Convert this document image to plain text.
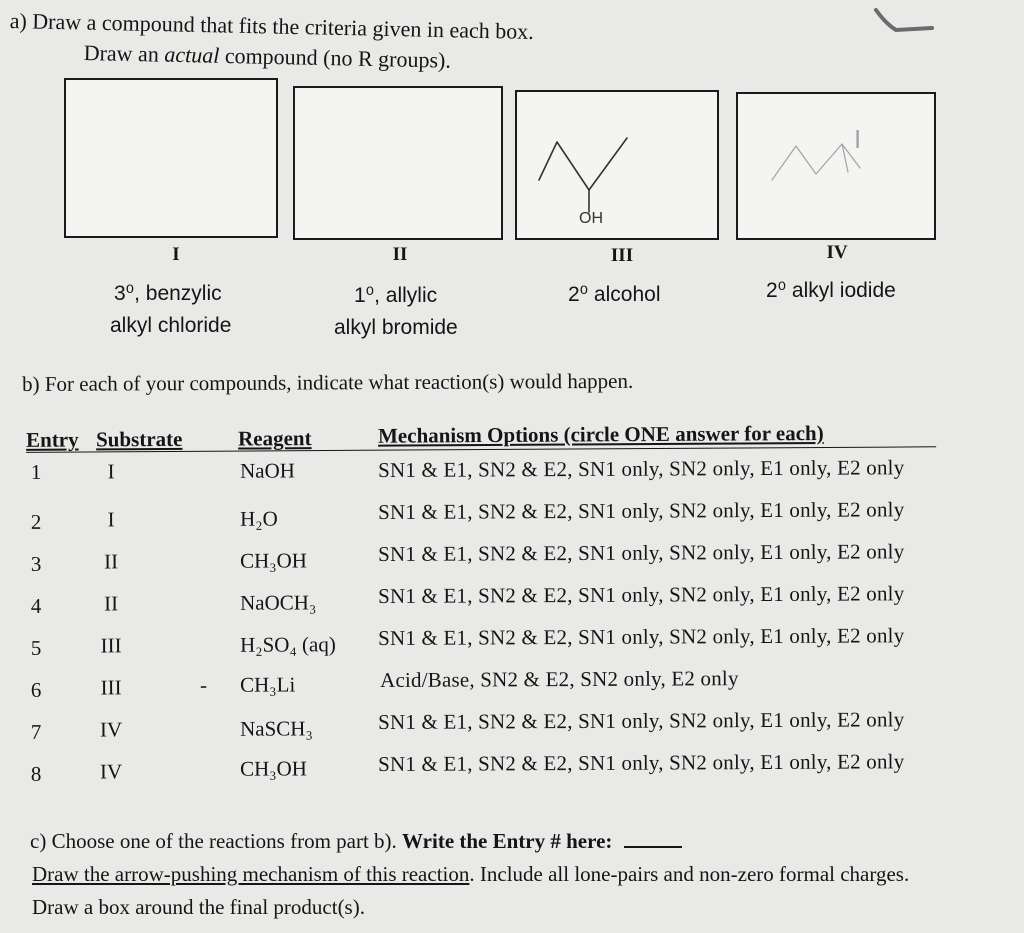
a) Draw a compound that fits the criteria given in each box.
Draw an actual compound (no R groups).
OH
I
I	II	III	IV
3⁰, benzylic
alkyl chloride
1⁰, allylic
alkyl bromide
2⁰ alcohol	2⁰ alkyl iodide
b) For each of your compounds, indicate what reaction(s) would happen.
Entry Substrate	Reagent	Mechanism Options (circle ONE answer for each)
1	I	NaOH	SN1 & E1, SN2 & E2, SN1 only, SN2 only, E1 only, E2 only
2	I	H₂O	SN1 & E1, SN2 & E2, SN1 only, SN2 only, E1 only, E2 only
3	II	CH₃OH	SN1 & E1, SN2 & E2, SN1 only, SN2 only, E1 only, E2 only
4	II	NaOCH₃	SN1 & E1, SN2 & E2, SN1 only, SN2 only, E1 only, E2 only
5	III	H₂SO₄ (aq) SN1 & E1, SN2 & E2, SN1 only, SN2 only, E1 only, E2 only
6	III	- CH₃Li	Acid/Base, SN2 & E2, SN2 only, E2 only
7	IV	NaSCH₃	SN1 & E1, SN2 & E2, SN1 only, SN2 only, E1 only, E2 only
8	IV	CH₃OH	SN1 & E1, SN2 & E2, SN1 only, SN2 only, E1 only, E2 only
c) Choose one of the reactions from part b). Write the Entry # here:
Draw the arrow-pushing mechanism of this reaction. Include all lone-pairs and non-zero formal charges.
Draw a box around the final product(s).
